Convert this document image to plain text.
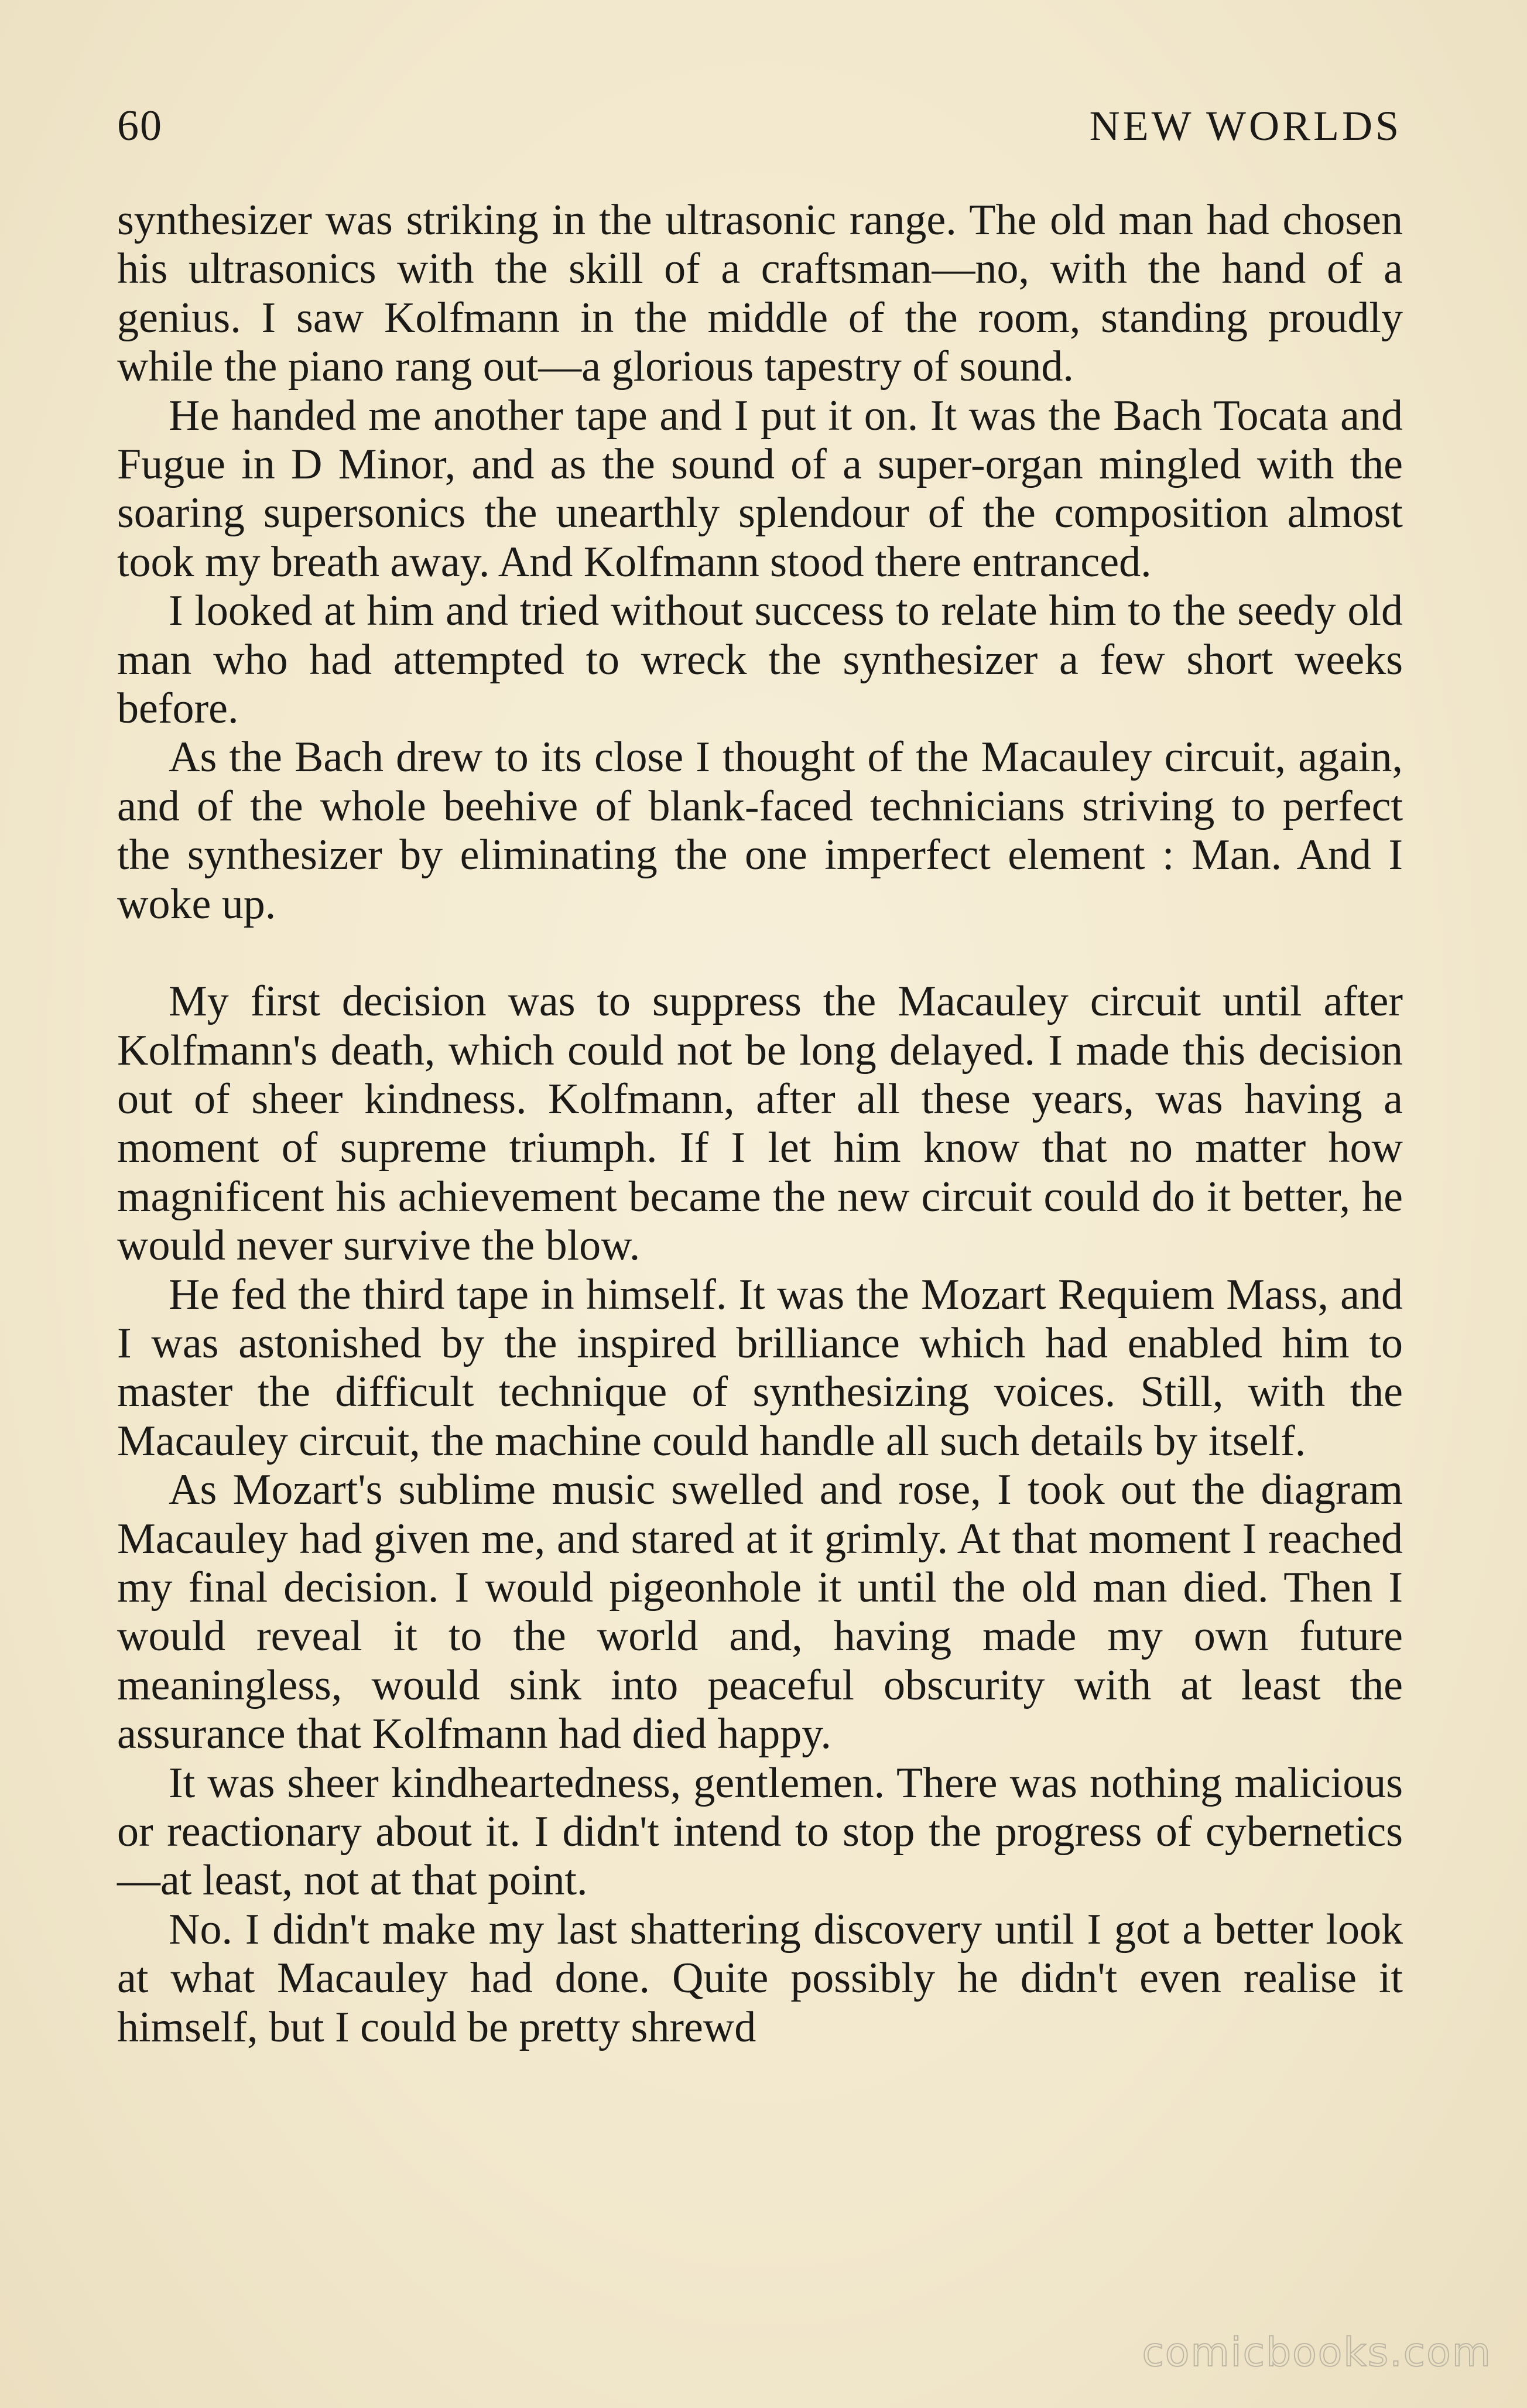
60	NEW WORLDS

synthesizer was striking in the ultrasonic range. The old man had chosen his ultrasonics with the skill of a craftsman—no, with the hand of a genius. I saw Kolfmann in the middle of the room, standing proudly while the piano rang out—a glorious tapestry of sound.

He handed me another tape and I put it on. It was the Bach Tocata and Fugue in D Minor, and as the sound of a super-organ mingled with the soaring supersonics the unearthly splendour of the composition almost took my breath away. And Kolfmann stood there entranced.

I looked at him and tried without success to relate him to the seedy old man who had attempted to wreck the synthesizer a few short weeks before.

As the Bach drew to its close I thought of the Macauley circuit, again, and of the whole beehive of blank-faced technicians striving to perfect the synthesizer by eliminating the one imperfect element : Man. And I woke up.

My first decision was to suppress the Macauley circuit until after Kolfmann's death, which could not be long delayed. I made this decision out of sheer kindness. Kolfmann, after all these years, was having a moment of supreme triumph. If I let him know that no matter how magnificent his achievement became the new circuit could do it better, he would never survive the blow.

He fed the third tape in himself. It was the Mozart Requiem Mass, and I was astonished by the inspired brilliance which had enabled him to master the difficult technique of synthesizing voices. Still, with the Macauley circuit, the machine could handle all such details by itself.

As Mozart's sublime music swelled and rose, I took out the diagram Macauley had given me, and stared at it grimly. At that moment I reached my final decision. I would pigeonhole it until the old man died. Then I would reveal it to the world and, having made my own future meaningless, would sink into peaceful obscurity with at least the assurance that Kolfmann had died happy.

It was sheer kindheartedness, gentlemen. There was nothing malicious or reactionary about it. I didn't intend to stop the progress of cybernetics—at least, not at that point.

No. I didn't make my last shattering discovery until I got a better look at what Macauley had done. Quite possibly he didn't even realise it himself, but I could be pretty shrewd

comicbooks.com
